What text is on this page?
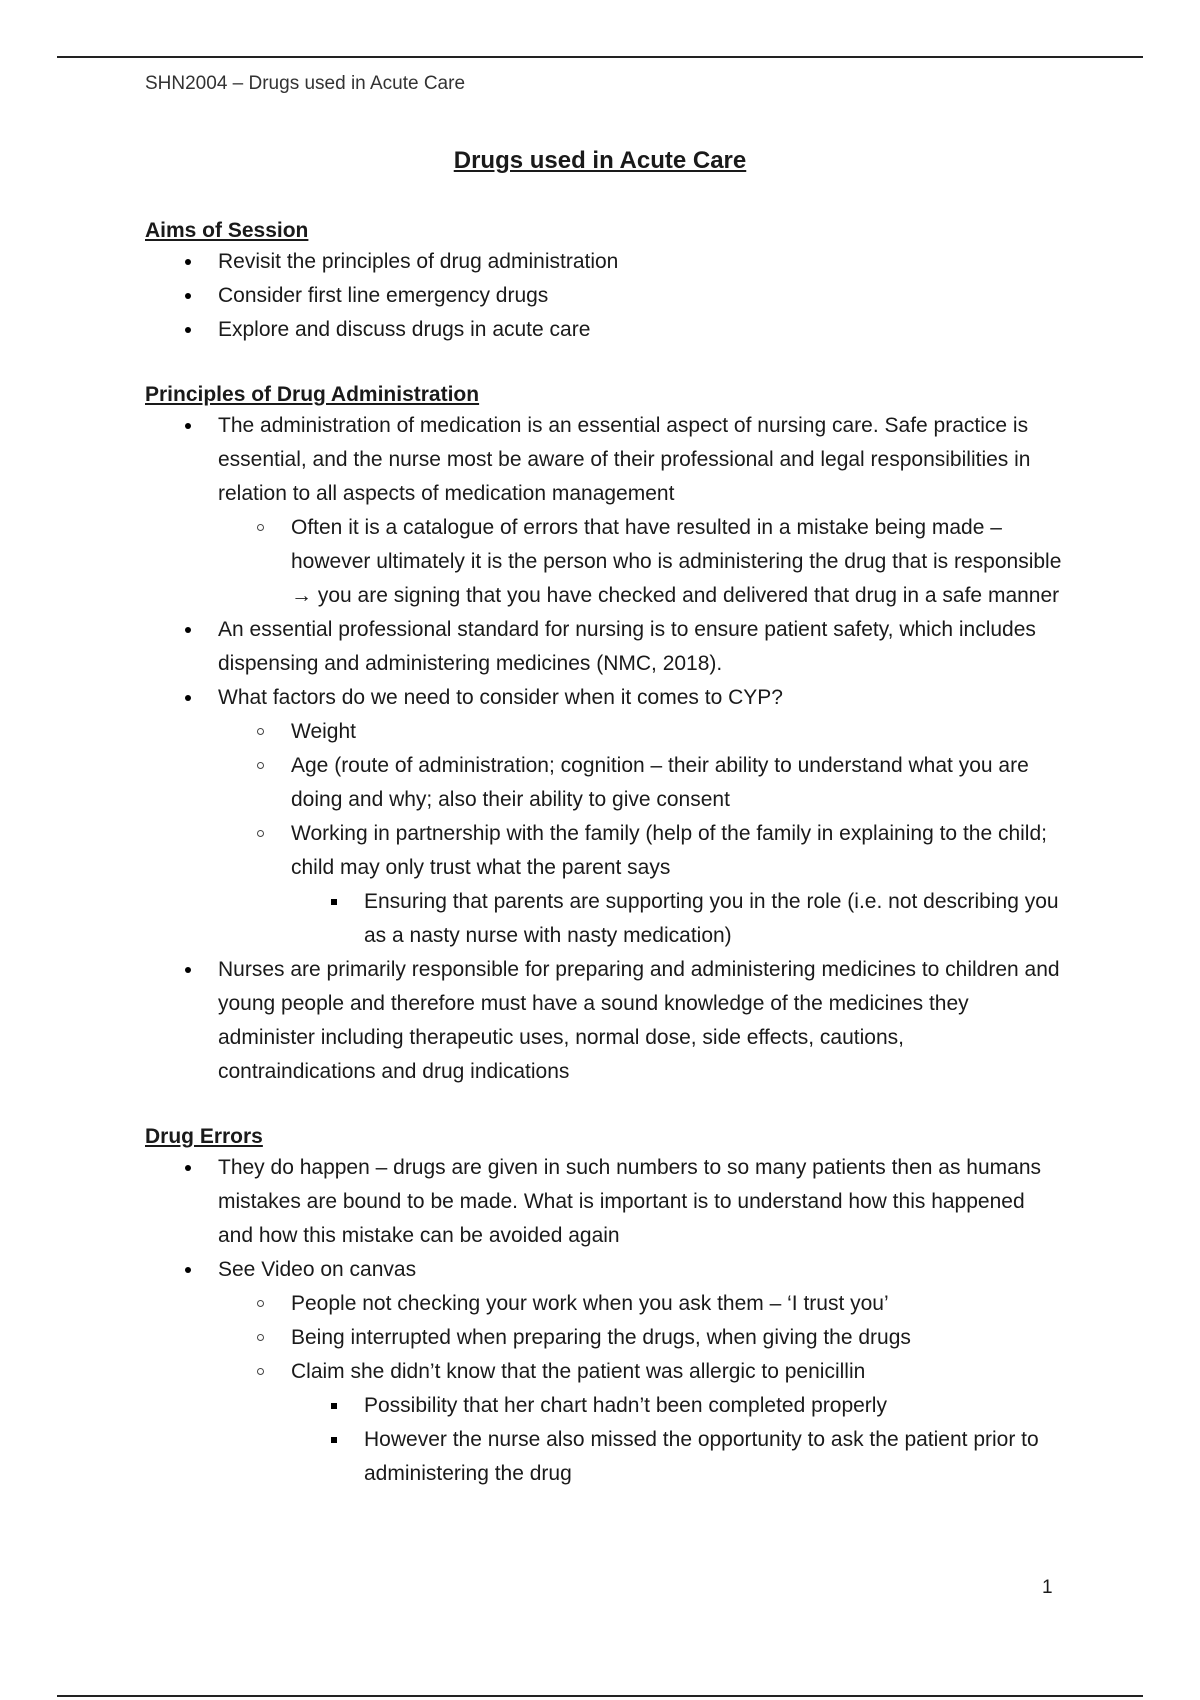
SHN2004 – Drugs used in Acute Care
Drugs used in Acute Care
Aims of Session
Revisit the principles of drug administration
Consider first line emergency drugs
Explore and discuss drugs in acute care
Principles of Drug Administration
The administration of medication is an essential aspect of nursing care. Safe practice is essential, and the nurse most be aware of their professional and legal responsibilities in relation to all aspects of medication management
Often it is a catalogue of errors that have resulted in a mistake being made – however ultimately it is the person who is administering the drug that is responsible → you are signing that you have checked and delivered that drug in a safe manner
An essential professional standard for nursing is to ensure patient safety, which includes dispensing and administering medicines (NMC, 2018).
What factors do we need to consider when it comes to CYP?
Weight
Age (route of administration; cognition – their ability to understand what you are doing and why; also their ability to give consent
Working in partnership with the family (help of the family in explaining to the child; child may only trust what the parent says
Ensuring that parents are supporting you in the role (i.e. not describing you as a nasty nurse with nasty medication)
Nurses are primarily responsible for preparing and administering medicines to children and young people and therefore must have a sound knowledge of the medicines they administer including therapeutic uses, normal dose, side effects, cautions, contraindications and drug indications
Drug Errors
They do happen – drugs are given in such numbers to so many patients then as humans mistakes are bound to be made. What is important is to understand how this happened and how this mistake can be avoided again
See Video on canvas
People not checking your work when you ask them – ‘I trust you’
Being interrupted when preparing the drugs, when giving the drugs
Claim she didn’t know that the patient was allergic to penicillin
Possibility that her chart hadn’t been completed properly
However the nurse also missed the opportunity to ask the patient prior to administering the drug
1
